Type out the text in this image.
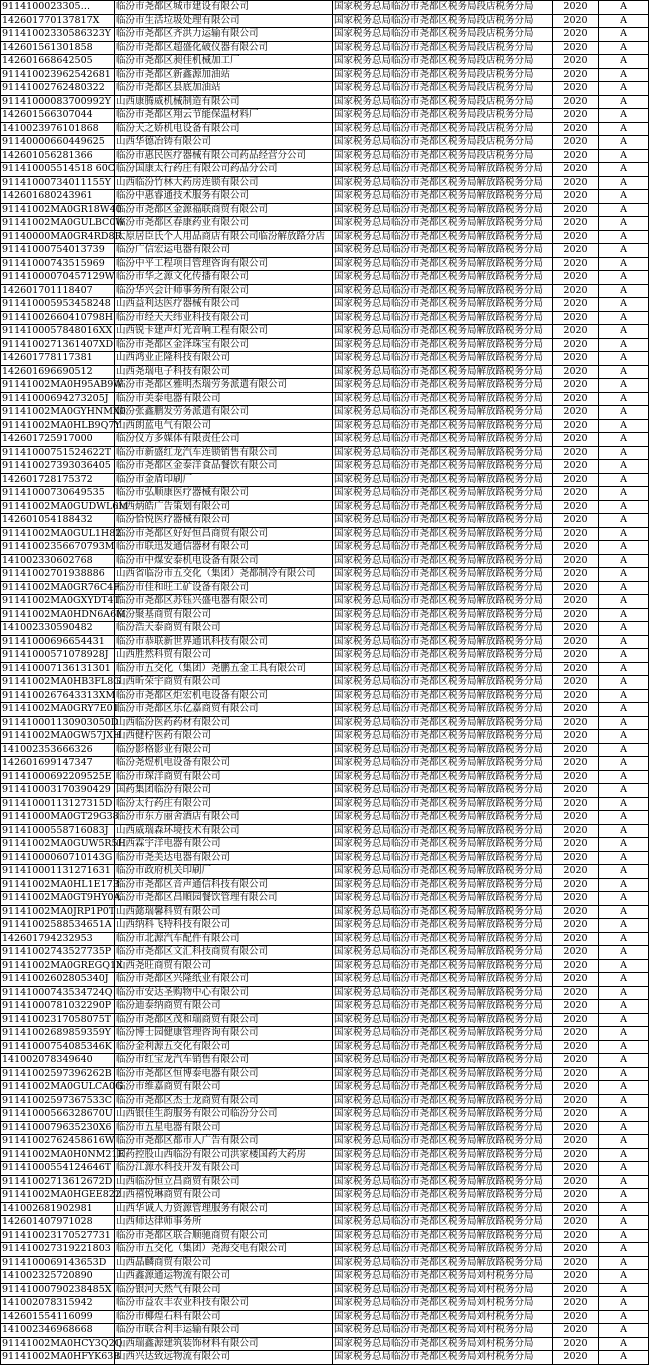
9114100023305…	临汾市尧都区城市建设有限公司	国家税务总局临汾市尧都区税务局段店税务分局	2020	A
142601770137817X	临汾市生活垃圾处理有限公司	国家税务总局临汾市尧都区税务局段店税务分局	2020	A
91141002330586323Y	临汾市尧都区齐洪力运输有限公司	国家税务总局临汾市尧都区税务局段店税务分局	2020	A
142601561301858	临汾市尧都区超盛化破仪器有限公司	国家税务总局临汾市尧都区税务局段店税务分局	2020	A
142601668642505	临汾市尧都区昶佳机械加工厂	国家税务总局临汾市尧都区税务局段店税务分局	2020	A
9114100239625426​81	临汾市尧都区新鑫源加油站	国家税务总局临汾市尧都区税务局段店税务分局	2020	A
91141002762480322	临汾市尧都区县底加油站	国家税务总局临汾市尧都区税务局段店税务分局	2020	A
91141000083700992Y	山西康腾威机械制造有限公司	国家税务总局临汾市尧都区税务局段店税务分局	2020	A
142601566307044	临汾市尧都区翔云节能保温材料厂	国家税务总局临汾市尧都区税务局段店税务分局	2020	A
1410023976101868	临汾天之娇机电设备有限公司	国家税务总局临汾市尧都区税务局段店税务分局	2020	A
91140000660449625	山西华德冶铸有限公司	国家税务总局临汾市尧都区税务局段店税务分局	2020	A
142601056281366	临汾市惠民医疗器械有限公司药品经营分公司	国家税务总局临汾市尧都区税务局段店税务分局	2020	A
911410005514518 60C	临汾国康太行药庄有限公司药品分公司	国家税务总局临汾市尧都区税务局解放路税务分局	2020	A
91141000734011155Y	山西临汾竹林大药房连锁有限公司	国家税务总局临汾市尧都区税务局解放路税务分局	2020	A
142601680243961	临汾中惠睿通技术服务有限公司	国家税务总局临汾市尧都区税务局解放路税务分局	2020	A
91141002MA0GR18W40	临汾市尧都区金源福联商贸有限公司	国家税务总局临汾市尧都区税务局解放路税务分局	2020	A
91141002MA0GULBC0W	临汾市尧都区春康药业有限公司	国家税务总局临汾市尧都区税务局解放路税务分局	2020	A
91140000MA0GR4RD8R	太原居臣氏个人用品商店有限公司临汾解放路分店	国家税务总局临汾市尧都区税务局解放路税务分局	2020	A
91141000754013739	临汾广信宏运电器有限公司	国家税务总局临汾市尧都区税务局解放路税务分局	2020	A
91141000743515969	临汾中平工程项目管理咨询有限公司	国家税务总局临汾市尧都区税务局解放路税务分局	2020	A
91141000070457129W	临汾市华之源文化传播有限公司	国家税务总局临汾市尧都区税务局解放路税务分局	2020	A
142601701118407	临汾华兴会计师事务所有限公司	国家税务总局临汾市尧都区税务局解放路税务分局	2020	A
91141000595345824​8	山西益利达医疗器械有限公司	国家税务总局临汾市尧都区税务局解放路税务分局	2020	A
91141002660410798H	临汾市经天天纬业科技有限公司	国家税务总局临汾市尧都区税务局解放路税务分局	2020	A
91141000578480​16XX	山西锐卡建声灯光音响工程有限公司	国家税务总局临汾市尧都区税务局解放路税务分局	2020	A
91141002713614​07XD	临汾市尧都区金泽珠宝有限公司	国家税务总局临汾市尧都区税务局解放路税务分局	2020	A
142601778117381	山西鸿业正隆科技有限公司	国家税务总局临汾市尧都区税务局解放路税务分局	2020	A
142601696690512	山西尧瑞电子科技有限公司	国家税务总局临汾市尧都区税务局解放路税务分局	2020	A
91141002MA0H95AB9W	临汾市尧都区雅明杰瑞劳务派遣有限公司	国家税务总局临汾市尧都区税务局解放路税务分局	2020	A
91141000694273205J	临汾市美泰电器有限公司	国家税务总局临汾市尧都区税务局解放路税务分局	2020	A
91141002MA0GYHNMX0	临汾张鑫鹏发劳务派遣有限公司	国家税务总局临汾市尧都区税务局解放路税务分局	2020	A
91141002MA0HLB9Q7Y	山西朗蓝电气有限公司	国家税务总局临汾市尧都区税务局解放路税务分局	2020	A
142601725917000	临汾仪方多媒体有限责任公司	国家税务总局临汾市尧都区税务局解放路税务分局	2020	A
91141000751524622T	临汾市新盛红龙汽车连锁销售有限公司	国家税务总局临汾市尧都区税务局解放路税务分局	2020	A
91141002739303​6405	临汾市尧都区金泰洋食品餐饮有限公司	国家税务总局临汾市尧都区税务局解放路税务分局	2020	A
142601728175372	临汾市金盾印刷厂	国家税务总局临汾市尧都区税务局解放路税务分局	2020	A
91141000730649535	临汾市弘顺康医疗器械有限公司	国家税务总局临汾市尧都区税务局解放路税务分局	2020	A
91141002MA0GUDWL6M	山西炳皓广告策划有限公司	国家税务总局临汾市尧都区税务局解放路税务分局	2020	A
142601054188432	临汾恰悦医疗器械有限公司	国家税务总局临汾市尧都区税务局解放路税务分局	2020	A
91141002MA0GUL1H82	临汾市尧都区好好恒昌商贸有限公司	国家税务总局临汾市尧都区税务局解放路税务分局	2020	A
91141002356670793M	临汾市联迅发通信器材有限公司	国家税务总局临汾市尧都区税务局解放路税务分局	2020	A
141002330602768	临汾市中煤安泰机电设备有限公司	国家税务总局临汾市尧都区税务局解放路税务分局	2020	A
91141002701938886	山西省临汾市五交化（集团）尧都制冷有限公司	国家税务总局临汾市尧都区税务局解放路税务分局	2020	A
91141002MA0GR76C4F	临汾市佳和旺工矿设备有限公司	国家税务总局临汾市尧都区税务局解放路税务分局	2020	A
91141002MA0GXYDT4T	临汾市尧都区苏钰兴盛电器有限公司	国家税务总局临汾市尧都区税务局解放路税务分局	2020	A
91141002MA0HDN6A6M	临汾聚基商贸有限公司	国家税务总局临汾市尧都区税务局解放路税务分局	2020	A
141002330590482	临汾浩天泰商贸有限公司	国家税务总局临汾市尧都区税务局解放路税务分局	2020	A
91141000696654431	临汾市恭联新世界通讯科技有限公司	国家税务总局临汾市尧都区税务局解放路税务分局	2020	A
91141000571078928J	山西胜然科贸有限公司	国家税务总局临汾市尧都区税务局解放路税务分局	2020	A
91141000713613130​1	临汾市五交化（集团）尧鹏五金工具有限公司	国家税务总局临汾市尧都区税务局解放路税务分局	2020	A
91141002MA0HB3FL8G	山西昕荣宇商贸有限公司	国家税务总局临汾市尧都区税务局解放路税务分局	2020	A
91141002676433​13XM	临汾市尧都区炬宏机电设备有限公司	国家税务总局临汾市尧都区税务局解放路税务分局	2020	A
91141002MA0GRY7E01	临汾市尧都区乐亿嘉商贸有限公司	国家税务总局临汾市尧都区税务局解放路税务分局	2020	A
911410001130903050​D	山西临汾医药药材有限公司	国家税务总局临汾市尧都区税务局解放路税务分局	2020	A
91141002MA0GW57JXH	山西健柠医药有限公司	国家税务总局临汾市尧都区税务局解放路税务分局	2020	A
141002353666326	临汾影格影业有限公司	国家税务总局临汾市尧都区税务局解放路税务分局	2020	A
142601699147347	临汾尧煜机电设备有限公司	国家税务总局临汾市尧都区税务局解放路税务分局	2020	A
91141000692209525E	临汾市琛洋商贸有限公司	国家税务总局临汾市尧都区税务局解放路税务分局	2020	A
911410003170390429	国药集团临汾有限公司	国家税务总局临汾市尧都区税务局解放路税务分局	2020	A
91141000113127315D	临汾太行药庄有限公司	国家税务总局临汾市尧都区税务局解放路税务分局	2020	A
91141000MA0GT29G38	临汾市东方丽舍酒店有限公司	国家税务总局临汾市尧都区税务局解放路税务分局	2020	A
91141000558716083J	山西威瑞森环境技术有限公司	国家税务总局临汾市尧都区税务局解放路税务分局	2020	A
91141002MA0GUW5R5H	山西霖宇洋电器有限公司	国家税务总局临汾市尧都区税务局解放路税务分局	2020	A
91141000060710143G	临汾市尧美达电器有限公司	国家税务总局临汾市尧都区税务局解放路税务分局	2020	A
91141000113127163​1	临汾市政府机关印刷厂	国家税务总局临汾市尧都区税务局解放路税务分局	2020	A
91141002MA0HL1E17B	临汾市尧都区音声通信科技有限公司	国家税务总局临汾市尧都区税务局解放路税务分局	2020	A
91141002MA0GT9HY0A	临汾市尧都区昌順园餐饮管理有限公司	国家税务总局临汾市尧都区税务局解放路税务分局	2020	A
91141002MA0JRP1P0T	山西懿瑞馨科贸有限公司	国家税务总局临汾市尧都区税务局解放路税务分局	2020	A
91141002588534651A	山西纳科飞特科技有限公司	国家税务总局临汾市尧都区税务局解放路税务分局	2020	A
142601794232953	临汾市北源汽车配件有限公司	国家税务总局临汾市尧都区税务局解放路税务分局	2020	A
91141002743527735P	临汾市尧都区文汇科技商贸有限公司	国家税务总局临汾市尧都区税务局解放路税务分局	2020	A
91141002MA0GREGQ1X	山西尧旺商贸有限公司	国家税务总局临汾市尧都区税务局解放路税务分局	2020	A
91141002602805340J	临汾市尧都区兴隆纸业有限公司	国家税务总局临汾市尧都区税务局解放路税务分局	2020	A
91141000743534724Q	临汾市安达圣购物中心有限公司	国家税务总局临汾市尧都区税务局解放路税务分局	2020	A
91141000781032290P	临汾迪泰纳商贸有限公司	国家税务总局临汾市尧都区税务局解放路税务分局	2020	A
91141002317058075T	临汾市尧都区茂和瑞商贸有限公司	国家税务总局临汾市尧都区税务局解放路税务分局	2020	A
91141002689859359Y	临汾博士园健康管理咨询有限公司	国家税务总局临汾市尧都区税务局解放路税务分局	2020	A
91141000754085346K	临汾金利源五交化有限公司	国家税务总局临汾市尧都区税务局解放路税务分局	2020	A
141002078349640	临汾市红宝龙汽车销售有限公司	国家税务总局临汾市尧都区税务局解放路税务分局	2020	A
91141002597396262B	临汾市尧都区恒博泰电器有限公司	国家税务总局临汾市尧都区税务局解放路税务分局	2020	A
91141002MA0GULCA0G	临汾市维嘉商贸有限公司	国家税务总局临汾市尧都区税务局解放路税务分局	2020	A
91141002597367533C	临汾市尧都区杰士龙商贸有限公司	国家税务总局临汾市尧都区税务局解放路税务分局	2020	A
91141000566328670U	山西银佳生韵服务有限公司临汾分公司	国家税务总局临汾市尧都区税务局解放路税务分局	2020	A
91141000796352​30X6	临汾市五星电器有限公司	国家税务总局临汾市尧都区税务局解放路税务分局	2020	A
91141002762458616W	临汾市尧都区都市人广告有限公司	国家税务总局临汾市尧都区税务局解放路税务分局	2020	A
91141002MA0H0NM21E	国药控股山西临汾有限公司洪家楼国药大药房	国家税务总局临汾市尧都区税务局解放路税务分局	2020	A
91141000554124646T	临汾江源水科技开发有限公司	国家税务总局临汾市尧都区税务局解放路税务分局	2020	A
91141002713612672D	山西临汾恒立昌商贸有限公司	国家税务总局临汾市尧都区税务局解放路税务分局	2020	A
91141002MA0HGEE822	山西禧悦琳商贸有限公司	国家税务总局临汾市尧都区税务局解放路税务分局	2020	A
141002681902981	山西华诚人力资源管理服务有限公司	国家税务总局临汾市尧都区税务局解放路税务分局	2020	A
142601407971028	山西师达律师事务所	国家税务总局临汾市尧都区税务局解放路税务分局	2020	A
91141002317052​7731	临汾市尧都区联合顺驰商贸有限公司	国家税务总局临汾市尧都区税务局解放路税务分局	2020	A
91141002731922​1803	临汾市五交化（集团）尧海交电有限公司	国家税务总局临汾市尧都区税务局解放路税务分局	2020	A
91141000691436​53D	山西晶麟商贸有限公司	国家税务总局临汾市尧都区税务局解放路税务分局	2020	A
141002325720890	山西鑫源通运物流有限公司	国家税务总局临汾市尧都区税务局刘村税务分局	2020	A
91141000790238485X	临汾银河天然气有限公司	国家税务总局临汾市尧都区税务局刘村税务分局	2020	A
141002078315942	临汾市益农丰农业科技有限公司	国家税务总局临汾市尧都区税务局刘村税务分局	2020	A
142601554116099	临汾市椰煌石料有限公司	国家税务总局临汾市尧都区税务局刘村税务分局	2020	A
141002346968668	临汾市联合利丰运输有限公司	国家税务总局临汾市尧都区税务局刘村税务分局	2020	A
91141002MA0HCY3Q2Q	山西瑞鑫源建筑装饰材料有限公司	国家税务总局临汾市尧都区税务局刘村税务分局	2020	A
91141002MA0HFYK63B	山西兴达致远物流有限公司	国家税务总局临汾市尧都区税务局刘村税务分局	2020	A
